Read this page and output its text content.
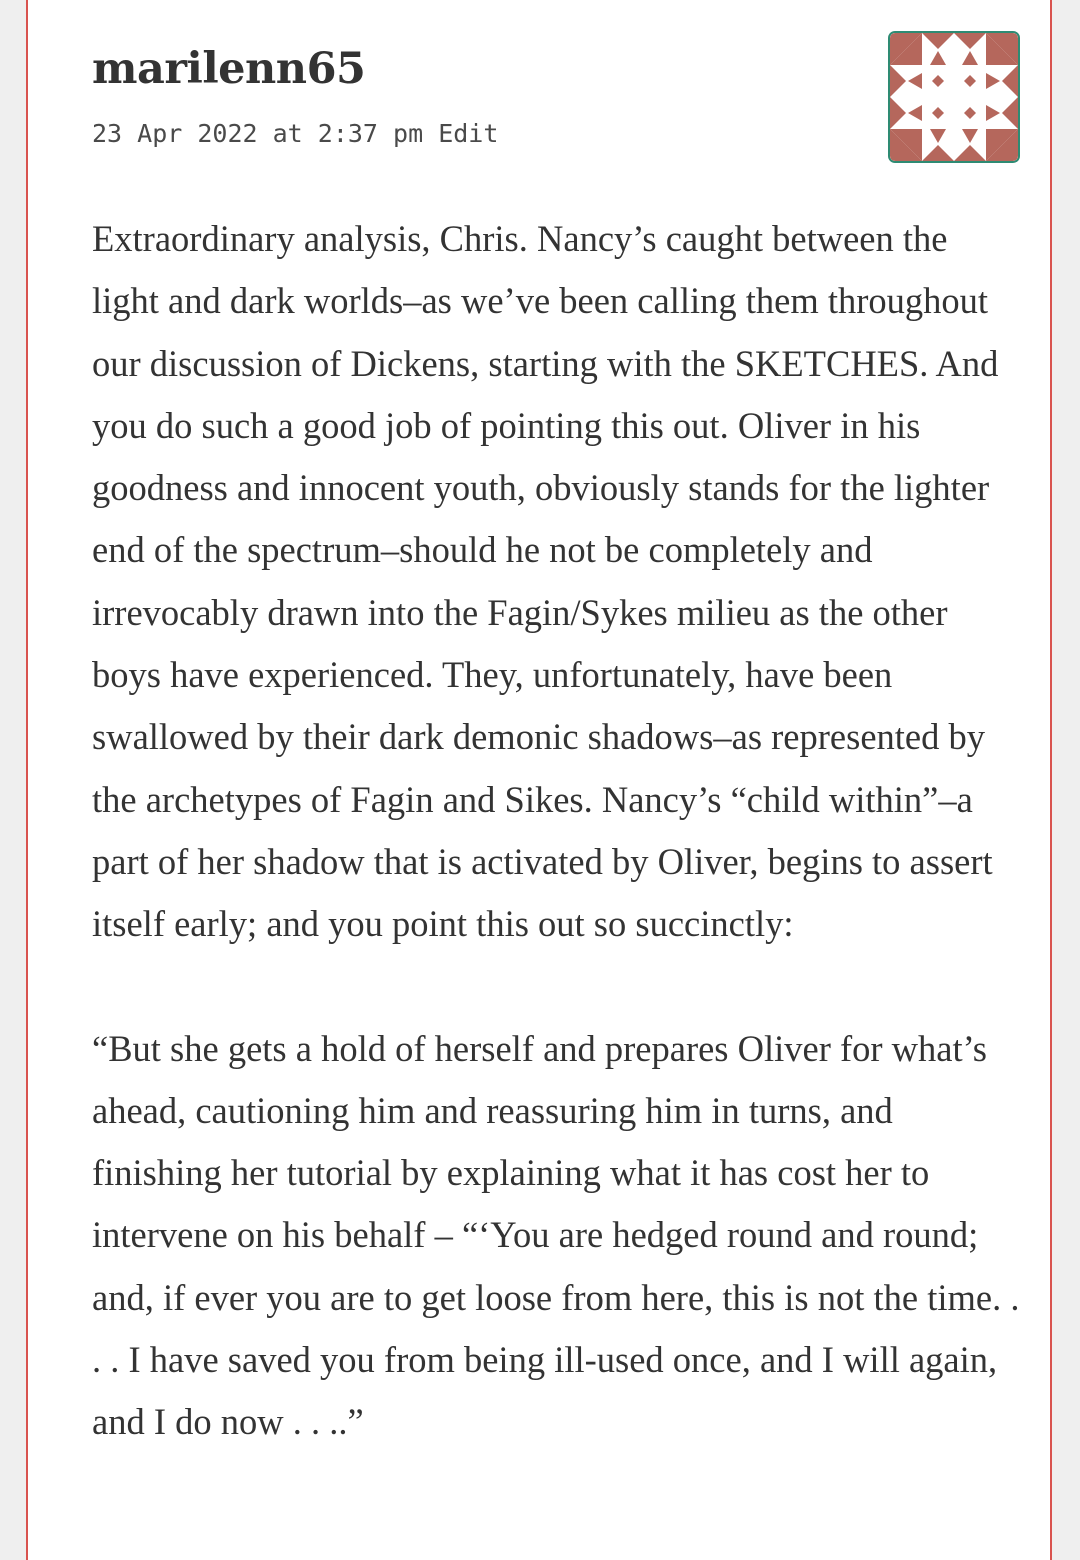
marilenn65
23 Apr 2022 at 2:37 pm Edit

Extraordinary analysis, Chris. Nancy’s caught between the light and dark worlds–as we’ve been calling them throughout our discussion of Dickens, starting with the SKETCHES. And you do such a good job of pointing this out. Oliver in his goodness and innocent youth, obviously stands for the lighter end of the spectrum–should he not be completely and irrevocably drawn into the Fagin/Sykes milieu as the other boys have experienced. They, unfortunately, have been swallowed by their dark demonic shadows–as represented by the archetypes of Fagin and Sikes. Nancy’s “child within”–a part of her shadow that is activated by Oliver, begins to assert itself early; and you point this out so succinctly:

“But she gets a hold of herself and prepares Oliver for what’s ahead, cautioning him and reassuring him in turns, and finishing her tutorial by explaining what it has cost her to intervene on his behalf – “‘You are hedged round and round; and, if ever you are to get loose from here, this is not the time. . . . I have saved you from being ill-used once, and I will again, and I do now . . ..”
